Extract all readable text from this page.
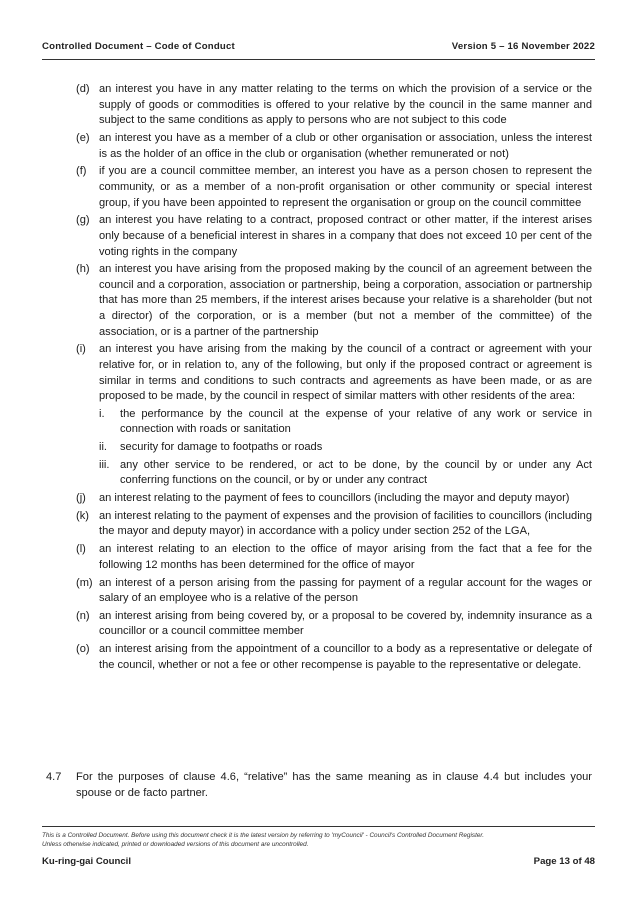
Controlled Document – Code of Conduct	Version 5 – 16 November 2022
(d) an interest you have in any matter relating to the terms on which the provision of a service or the supply of goods or commodities is offered to your relative by the council in the same manner and subject to the same conditions as apply to persons who are not subject to this code
(e) an interest you have as a member of a club or other organisation or association, unless the interest is as the holder of an office in the club or organisation (whether remunerated or not)
(f)	if you are a council committee member, an interest you have as a person chosen to represent the community, or as a member of a non-profit organisation or other community or special interest group, if you have been appointed to represent the organisation or group on the council committee
(g) an interest you have relating to a contract, proposed contract or other matter, if the interest arises only because of a beneficial interest in shares in a company that does not exceed 10 per cent of the voting rights in the company
(h) an interest you have arising from the proposed making by the council of an agreement between the council and a corporation, association or partnership, being a corporation, association or partnership that has more than 25 members, if the interest arises because your relative is a shareholder (but not a director) of the corporation, or is a member (but not a member of the committee) of the association, or is a partner of the partnership
(i)	an interest you have arising from the making by the council of a contract or agreement with your relative for, or in relation to, any of the following, but only if the proposed contract or agreement is similar in terms and conditions to such contracts and agreements as have been made, or as are proposed to be made, by the council in respect of similar matters with other residents of the area:
i.	the performance by the council at the expense of your relative of any work or service in connection with roads or sanitation
ii.	security for damage to footpaths or roads
iii. any other service to be rendered, or act to be done, by the council by or under any Act conferring functions on the council, or by or under any contract
(j)	an interest relating to the payment of fees to councillors (including the mayor and deputy mayor)
(k) an interest relating to the payment of expenses and the provision of facilities to councillors (including the mayor and deputy mayor) in accordance with a policy under section 252 of the LGA,
(l)	an interest relating to an election to the office of mayor arising from the fact that a fee for the following 12 months has been determined for the office of mayor
(m) an interest of a person arising from the passing for payment of a regular account for the wages or salary of an employee who is a relative of the person
(n) an interest arising from being covered by, or a proposal to be covered by, indemnity insurance as a councillor or a council committee member
(o) an interest arising from the appointment of a councillor to a body as a representative or delegate of the council, whether or not a fee or other recompense is payable to the representative or delegate.
4.7	For the purposes of clause 4.6, “relative” has the same meaning as in clause 4.4 but includes your spouse or de facto partner.
This is a Controlled Document. Before using this document check it is the latest version by referring to 'myCouncil' - Council's Controlled Document Register.
Unless otherwise indicated, printed or downloaded versions of this document are uncontrolled.
Ku-ring-gai Council	Page 13 of 48
